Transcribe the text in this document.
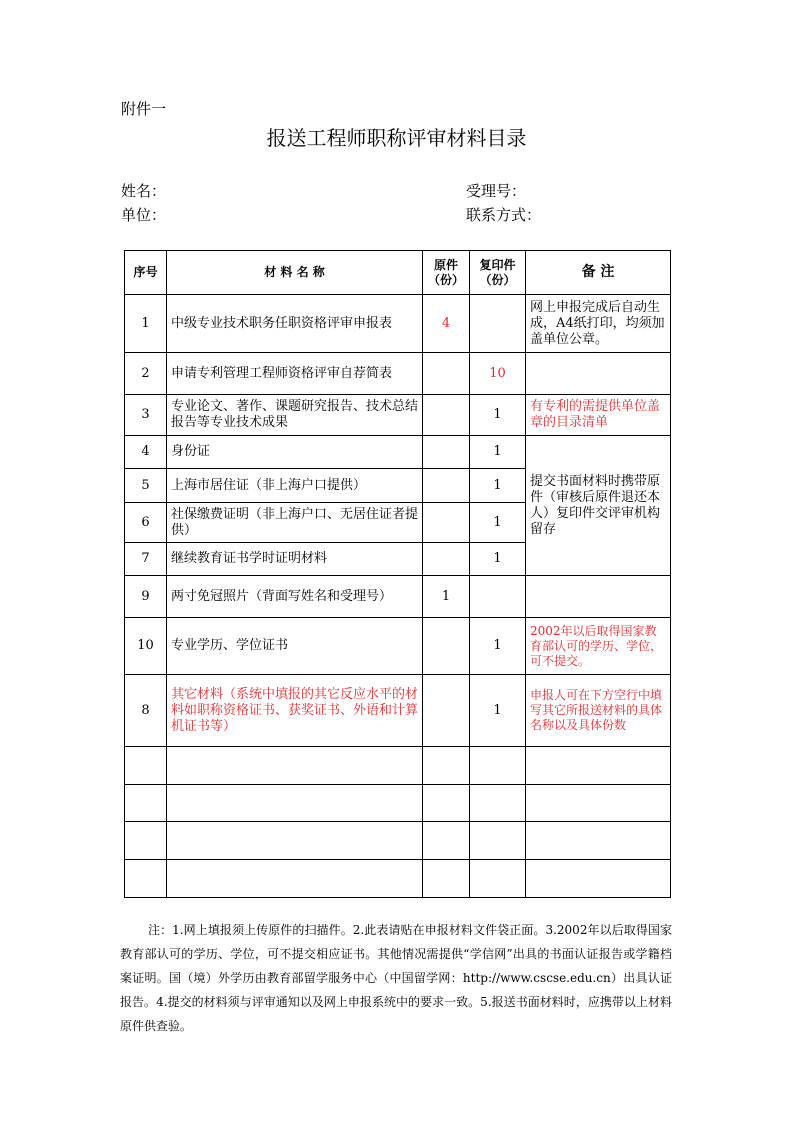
附件一
报送工程师职称评审材料目录
姓名：	受理号：
单位：	联系方式：
序号	材 料 名 称	原件（份）	复印件（份）	备 注
1	中级专业技术职务任职资格评审申报表	4		网上申报完成后自动生成，A4纸打印，均须加盖单位公章。
2	申请专利管理工程师资格评审自荐简表		10	
3	专业论文、著作、课题研究报告、技术总结报告等专业技术成果		1	有专利的需提供单位盖章的目录清单
4	身份证		1	提交书面材料时携带原件（审核后原件退还本人）复印件交评审机构留存
5	上海市居住证（非上海户口提供）		1	
6	社保缴费证明（非上海户口、无居住证者提供）		1	
7	继续教育证书学时证明材料		1	
9	两寸免冠照片（背面写姓名和受理号）	1		
10	专业学历、学位证书		1	2002年以后取得国家教育部认可的学历、学位，可不提交。
8	其它材料（系统中填报的其它反应水平的材料如职称资格证书、获奖证书、外语和计算机证书等）		1	申报人可在下方空行中填写其它所报送材料的具体名称以及具体份数

注：1.网上填报须上传原件的扫描件。2.此表请贴在申报材料文件袋正面。3.2002年以后取得国家教育部认可的学历、学位，可不提交相应证书。其他情况需提供“学信网”出具的书面认证报告或学籍档案证明。国（境）外学历由教育部留学服务中心（中国留学网：http://www.cscse.edu.cn）出具认证报告。4.提交的材料须与评审通知以及网上申报系统中的要求一致。5.报送书面材料时，应携带以上材料原件供查验。
